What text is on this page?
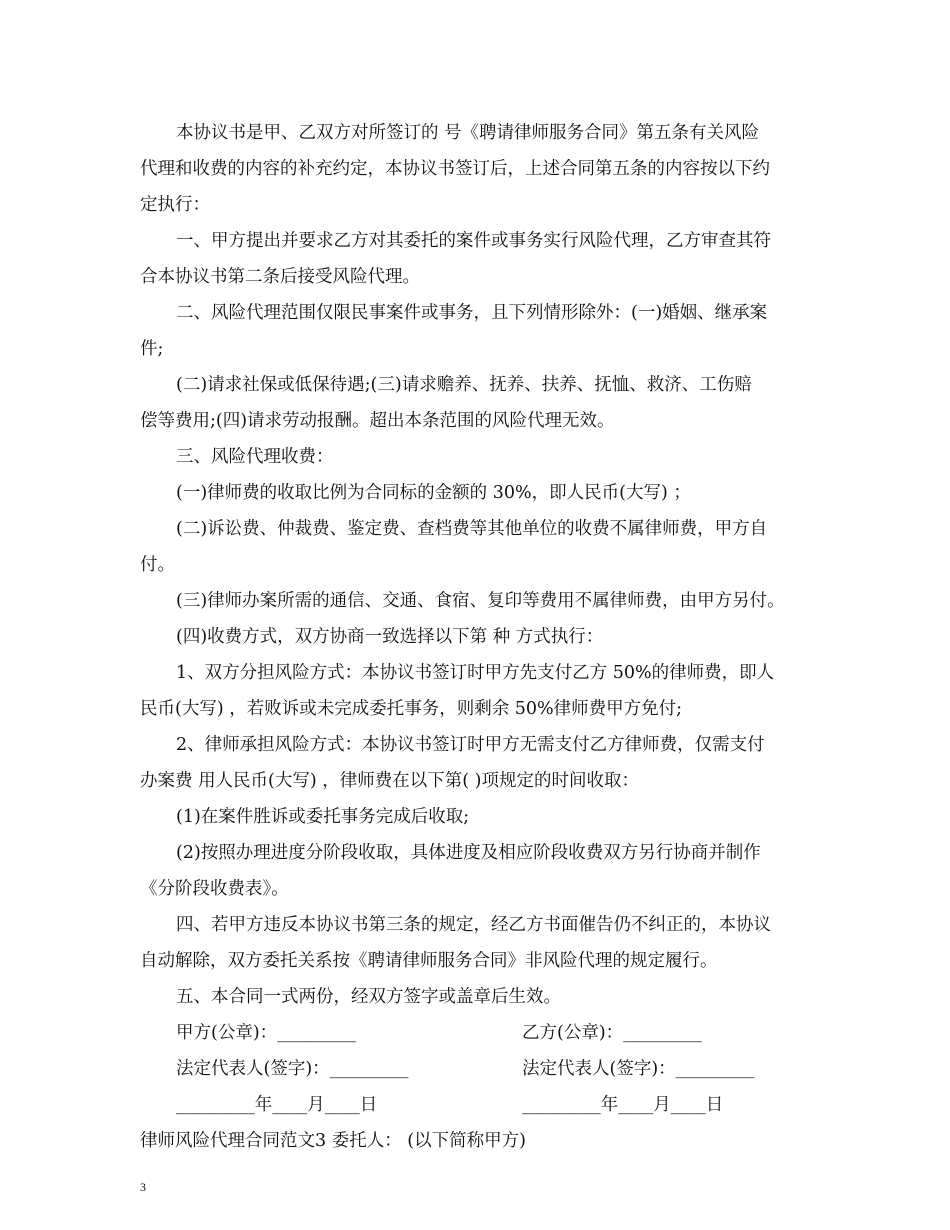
本协议书是甲、乙双方对所签订的 号《聘请律师服务合同》第五条有关风险
代理和收费的内容的补充约定，本协议书签订后，上述合同第五条的内容按以下约
定执行：
一、甲方提出并要求乙方对其委托的案件或事务实行风险代理，乙方审查其符
合本协议书第二条后接受风险代理。
二、风险代理范围仅限民事案件或事务，且下列情形除外：(一)婚姻、继承案
件;
(二)请求社保或低保待遇;(三)请求赡养、抚养、扶养、抚恤、救济、工伤赔
偿等费用;(四)请求劳动报酬。超出本条范围的风险代理无效。
三、风险代理收费：
(一)律师费的收取比例为合同标的金额的 30%，即人民币(大写) ；
(二)诉讼费、仲裁费、鉴定费、查档费等其他单位的收费不属律师费，甲方自
付。
(三)律师办案所需的通信、交通、食宿、复印等费用不属律师费，由甲方另付。
(四)收费方式，双方协商一致选择以下第 种 方式执行：
1、双方分担风险方式：本协议书签订时甲方先支付乙方 50%的律师费，即人
民币(大写) ，若败诉或未完成委托事务，则剩余 50%律师费甲方免付;
2、律师承担风险方式：本协议书签订时甲方无需支付乙方律师费，仅需支付
办案费 用人民币(大写) ，律师费在以下第( )项规定的时间收取：
(1)在案件胜诉或委托事务完成后收取;
(2)按照办理进度分阶段收取，具体进度及相应阶段收费双方另行协商并制作
《分阶段收费表》。
四、若甲方违反本协议书第三条的规定，经乙方书面催告仍不纠正的，本协议
自动解除，双方委托关系按《聘请律师服务合同》非风险代理的规定履行。
五、本合同一式两份，经双方签字或盖章后生效。
甲方(公章)：_________	乙方(公章)：_________
法定代表人(签字)：_________	法定代表人(签字)：_________
_________年____月____日	_________年____月____日
律师风险代理合同范文3 委托人： (以下简称甲方)
3
